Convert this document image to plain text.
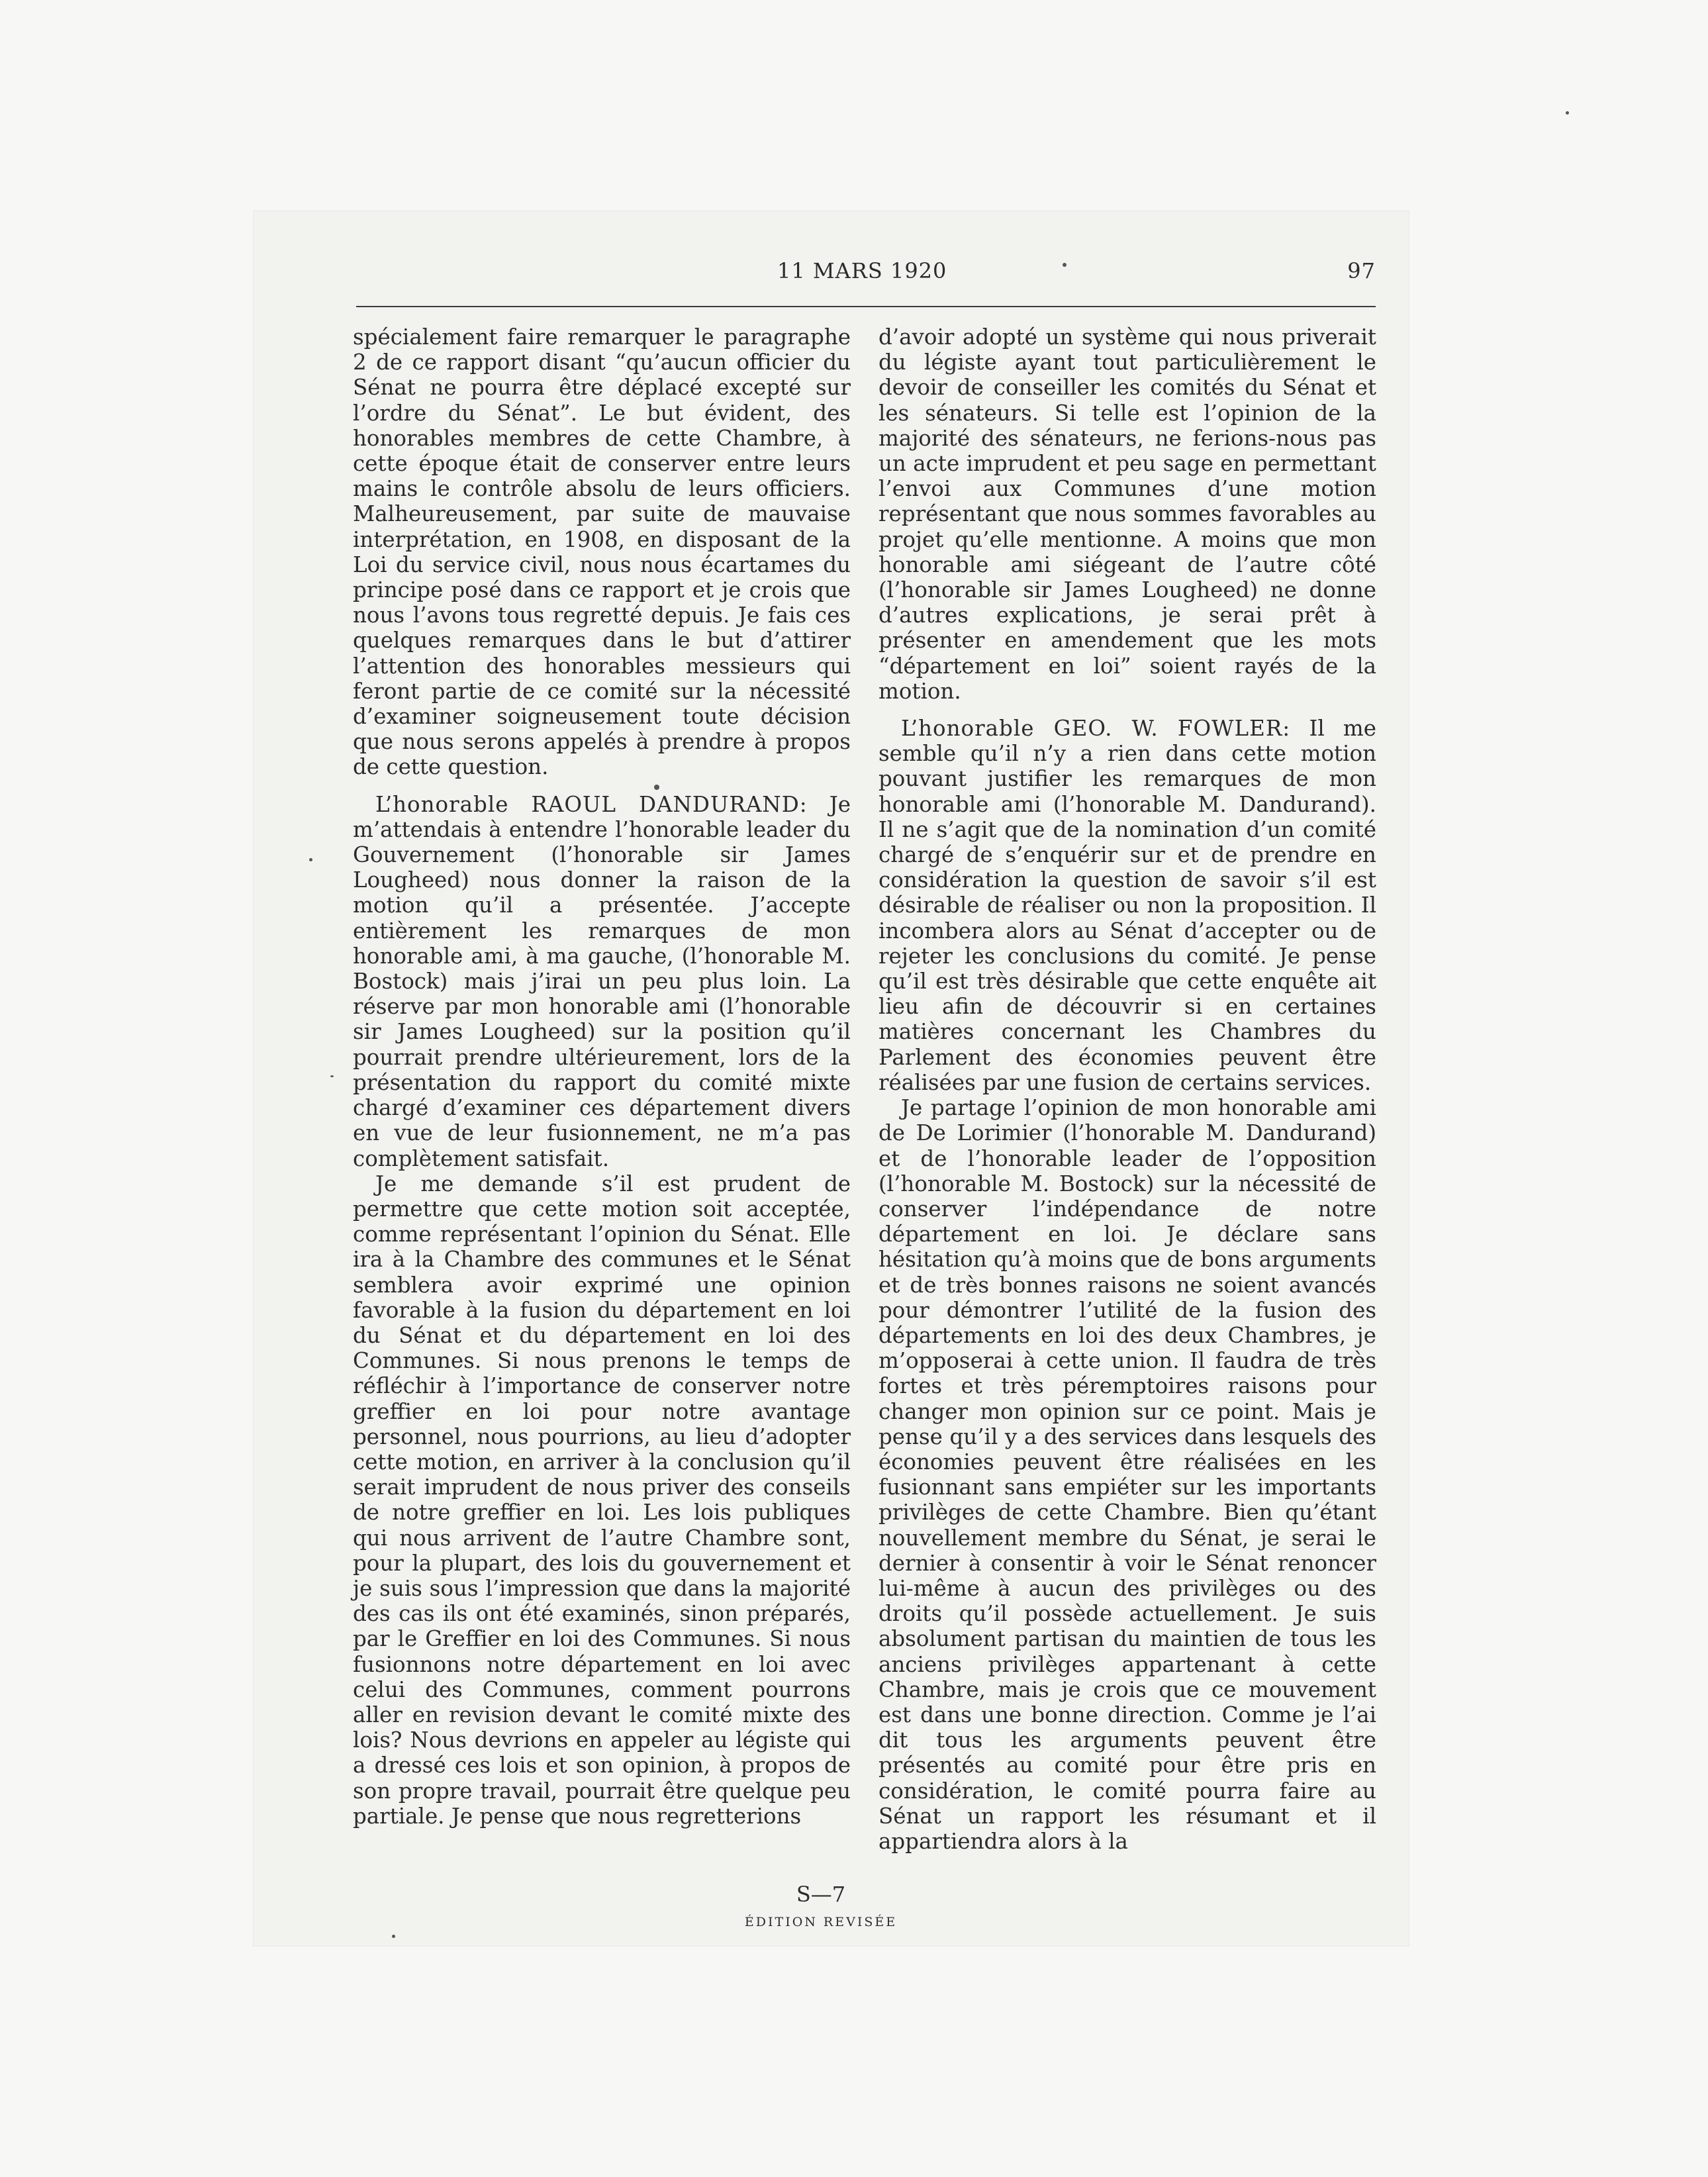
11 MARS 1920	97

spécialement faire remarquer le paragraphe 2 de ce rapport disant “qu’aucun officier du Sénat ne pourra être déplacé excepté sur l’ordre du Sénat”. Le but évident, des honorables membres de cette Chambre, à cette époque était de conserver entre leurs mains le contrôle absolu de leurs officiers. Malheureusement, par suite de mauvaise interprétation, en 1908, en disposant de la Loi du service civil, nous nous écartames du principe posé dans ce rapport et je crois que nous l’avons tous regretté depuis. Je fais ces quelques remarques dans le but d’attirer l’attention des honorables messieurs qui feront partie de ce comité sur la nécessité d’examiner soigneusement toute décision que nous serons appelés à prendre à propos de cette question.

L’honorable RAOUL DANDURAND: Je m’attendais à entendre l’honorable leader du Gouvernement (l’honorable sir James Lougheed) nous donner la raison de la motion qu’il a présentée. J’accepte entièrement les remarques de mon honorable ami, à ma gauche, (l’honorable M. Bostock) mais j’irai un peu plus loin. La réserve par mon honorable ami (l’honorable sir James Lougheed) sur la position qu’il pourrait prendre ultérieurement, lors de la présentation du rapport du comité mixte chargé d’examiner ces département divers en vue de leur fusionnement, ne m’a pas complètement satisfait.

Je me demande s’il est prudent de permettre que cette motion soit acceptée, comme représentant l’opinion du Sénat. Elle ira à la Chambre des communes et le Sénat semblera avoir exprimé une opinion favorable à la fusion du département en loi du Sénat et du département en loi des Communes. Si nous prenons le temps de réfléchir à l’importance de conserver notre greffier en loi pour notre avantage personnel, nous pourrions, au lieu d’adopter cette motion, en arriver à la conclusion qu’il serait imprudent de nous priver des conseils de notre greffier en loi. Les lois publiques qui nous arrivent de l’autre Chambre sont, pour la plupart, des lois du gouvernement et je suis sous l’impression que dans la majorité des cas ils ont été examinés, sinon préparés, par le Greffier en loi des Communes. Si nous fusionnons notre département en loi avec celui des Communes, comment pourrons aller en revision devant le comité mixte des lois? Nous devrions en appeler au légiste qui a dressé ces lois et son opinion, à propos de son propre travail, pourrait être quelque peu partiale. Je pense que nous regretterions

d’avoir adopté un système qui nous priverait du légiste ayant tout particulièrement le devoir de conseiller les comités du Sénat et les sénateurs. Si telle est l’opinion de la majorité des sénateurs, ne ferions-nous pas un acte imprudent et peu sage en permettant l’envoi aux Communes d’une motion représentant que nous sommes favorables au projet qu’elle mentionne. A moins que mon honorable ami siégeant de l’autre côté (l’honorable sir James Lougheed) ne donne d’autres explications, je serai prêt à présenter en amendement que les mots “département en loi” soient rayés de la motion.

L’honorable GEO. W. FOWLER: Il me semble qu’il n’y a rien dans cette motion pouvant justifier les remarques de mon honorable ami (l’honorable M. Dandurand). Il ne s’agit que de la nomination d’un comité chargé de s’enquérir sur et de prendre en considération la question de savoir s’il est désirable de réaliser ou non la proposition. Il incombera alors au Sénat d’accepter ou de rejeter les conclusions du comité. Je pense qu’il est très désirable que cette enquête ait lieu afin de découvrir si en certaines matières concernant les Chambres du Parlement des économies peuvent être réalisées par une fusion de certains services.

Je partage l’opinion de mon honorable ami de De Lorimier (l’honorable M. Dandurand) et de l’honorable leader de l’opposition (l’honorable M. Bostock) sur la nécessité de conserver l’indépendance de notre département en loi. Je déclare sans hésitation qu’à moins que de bons arguments et de très bonnes raisons ne soient avancés pour démontrer l’utilité de la fusion des départements en loi des deux Chambres, je m’opposerai à cette union. Il faudra de très fortes et très péremptoires raisons pour changer mon opinion sur ce point. Mais je pense qu’il y a des services dans lesquels des économies peuvent être réalisées en les fusionnant sans empiéter sur les importants privilèges de cette Chambre. Bien qu’étant nouvellement membre du Sénat, je serai le dernier à consentir à voir le Sénat renoncer lui-même à aucun des privilèges ou des droits qu’il possède actuellement. Je suis absolument partisan du maintien de tous les anciens privilèges appartenant à cette Chambre, mais je crois que ce mouvement est dans une bonne direction. Comme je l’ai dit tous les arguments peuvent être présentés au comité pour être pris en considération, le comité pourra faire au Sénat un rapport les résumant et il appartiendra alors à la

S—7
ÉDITION REVISÉE
